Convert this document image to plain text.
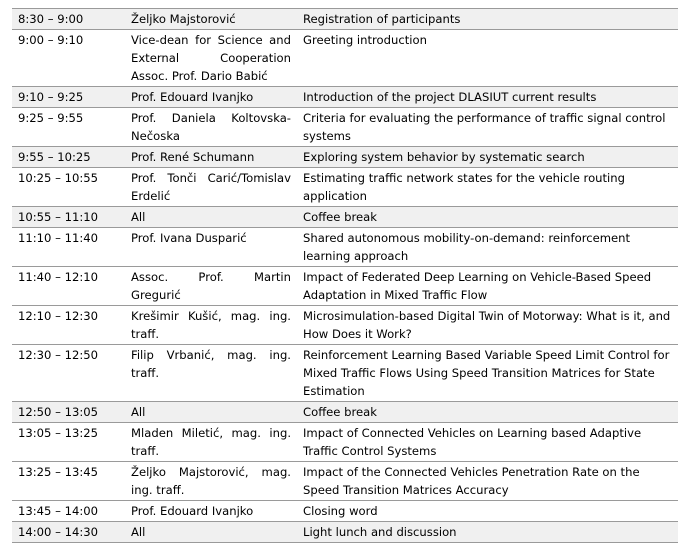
8:30 – 9:00	Željko Majstorović	Registration of participants
9:00 – 9:10	Vice-dean for Science and External Cooperation Assoc. Prof. Dario Babić	Greeting introduction
9:10 – 9:25	Prof. Edouard Ivanjko	Introduction of the project DLASIUT current results
9:25 – 9:55	Prof. Daniela Koltovska-Nečoska	Criteria for evaluating the performance of traffic signal control systems
9:55 – 10:25	Prof. René Schumann	Exploring system behavior by systematic search
10:25 – 10:55	Prof. Tonči Carić/Tomislav Erdelić	Estimating traffic network states for the vehicle routing application
10:55 – 11:10	All	Coffee break
11:10 – 11:40	Prof. Ivana Dusparić	Shared autonomous mobility-on-demand: reinforcement learning approach
11:40 – 12:10	Assoc. Prof. Martin Gregurić	Impact of Federated Deep Learning on Vehicle-Based Speed Adaptation in Mixed Traffic Flow
12:10 – 12:30	Krešimir Kušić, mag. ing. traff.	Microsimulation-based Digital Twin of Motorway: What is it, and How Does it Work?
12:30 – 12:50	Filip Vrbanić, mag. ing. traff.	Reinforcement Learning Based Variable Speed Limit Control for Mixed Traffic Flows Using Speed Transition Matrices for State Estimation
12:50 – 13:05	All	Coffee break
13:05 – 13:25	Mladen Miletić, mag. ing. traff.	Impact of Connected Vehicles on Learning based Adaptive Traffic Control Systems
13:25 – 13:45	Željko Majstorović, mag. ing. traff.	Impact of the Connected Vehicles Penetration Rate on the Speed Transition Matrices Accuracy
13:45 – 14:00	Prof. Edouard Ivanjko	Closing word
14:00 – 14:30	All	Light lunch and discussion
